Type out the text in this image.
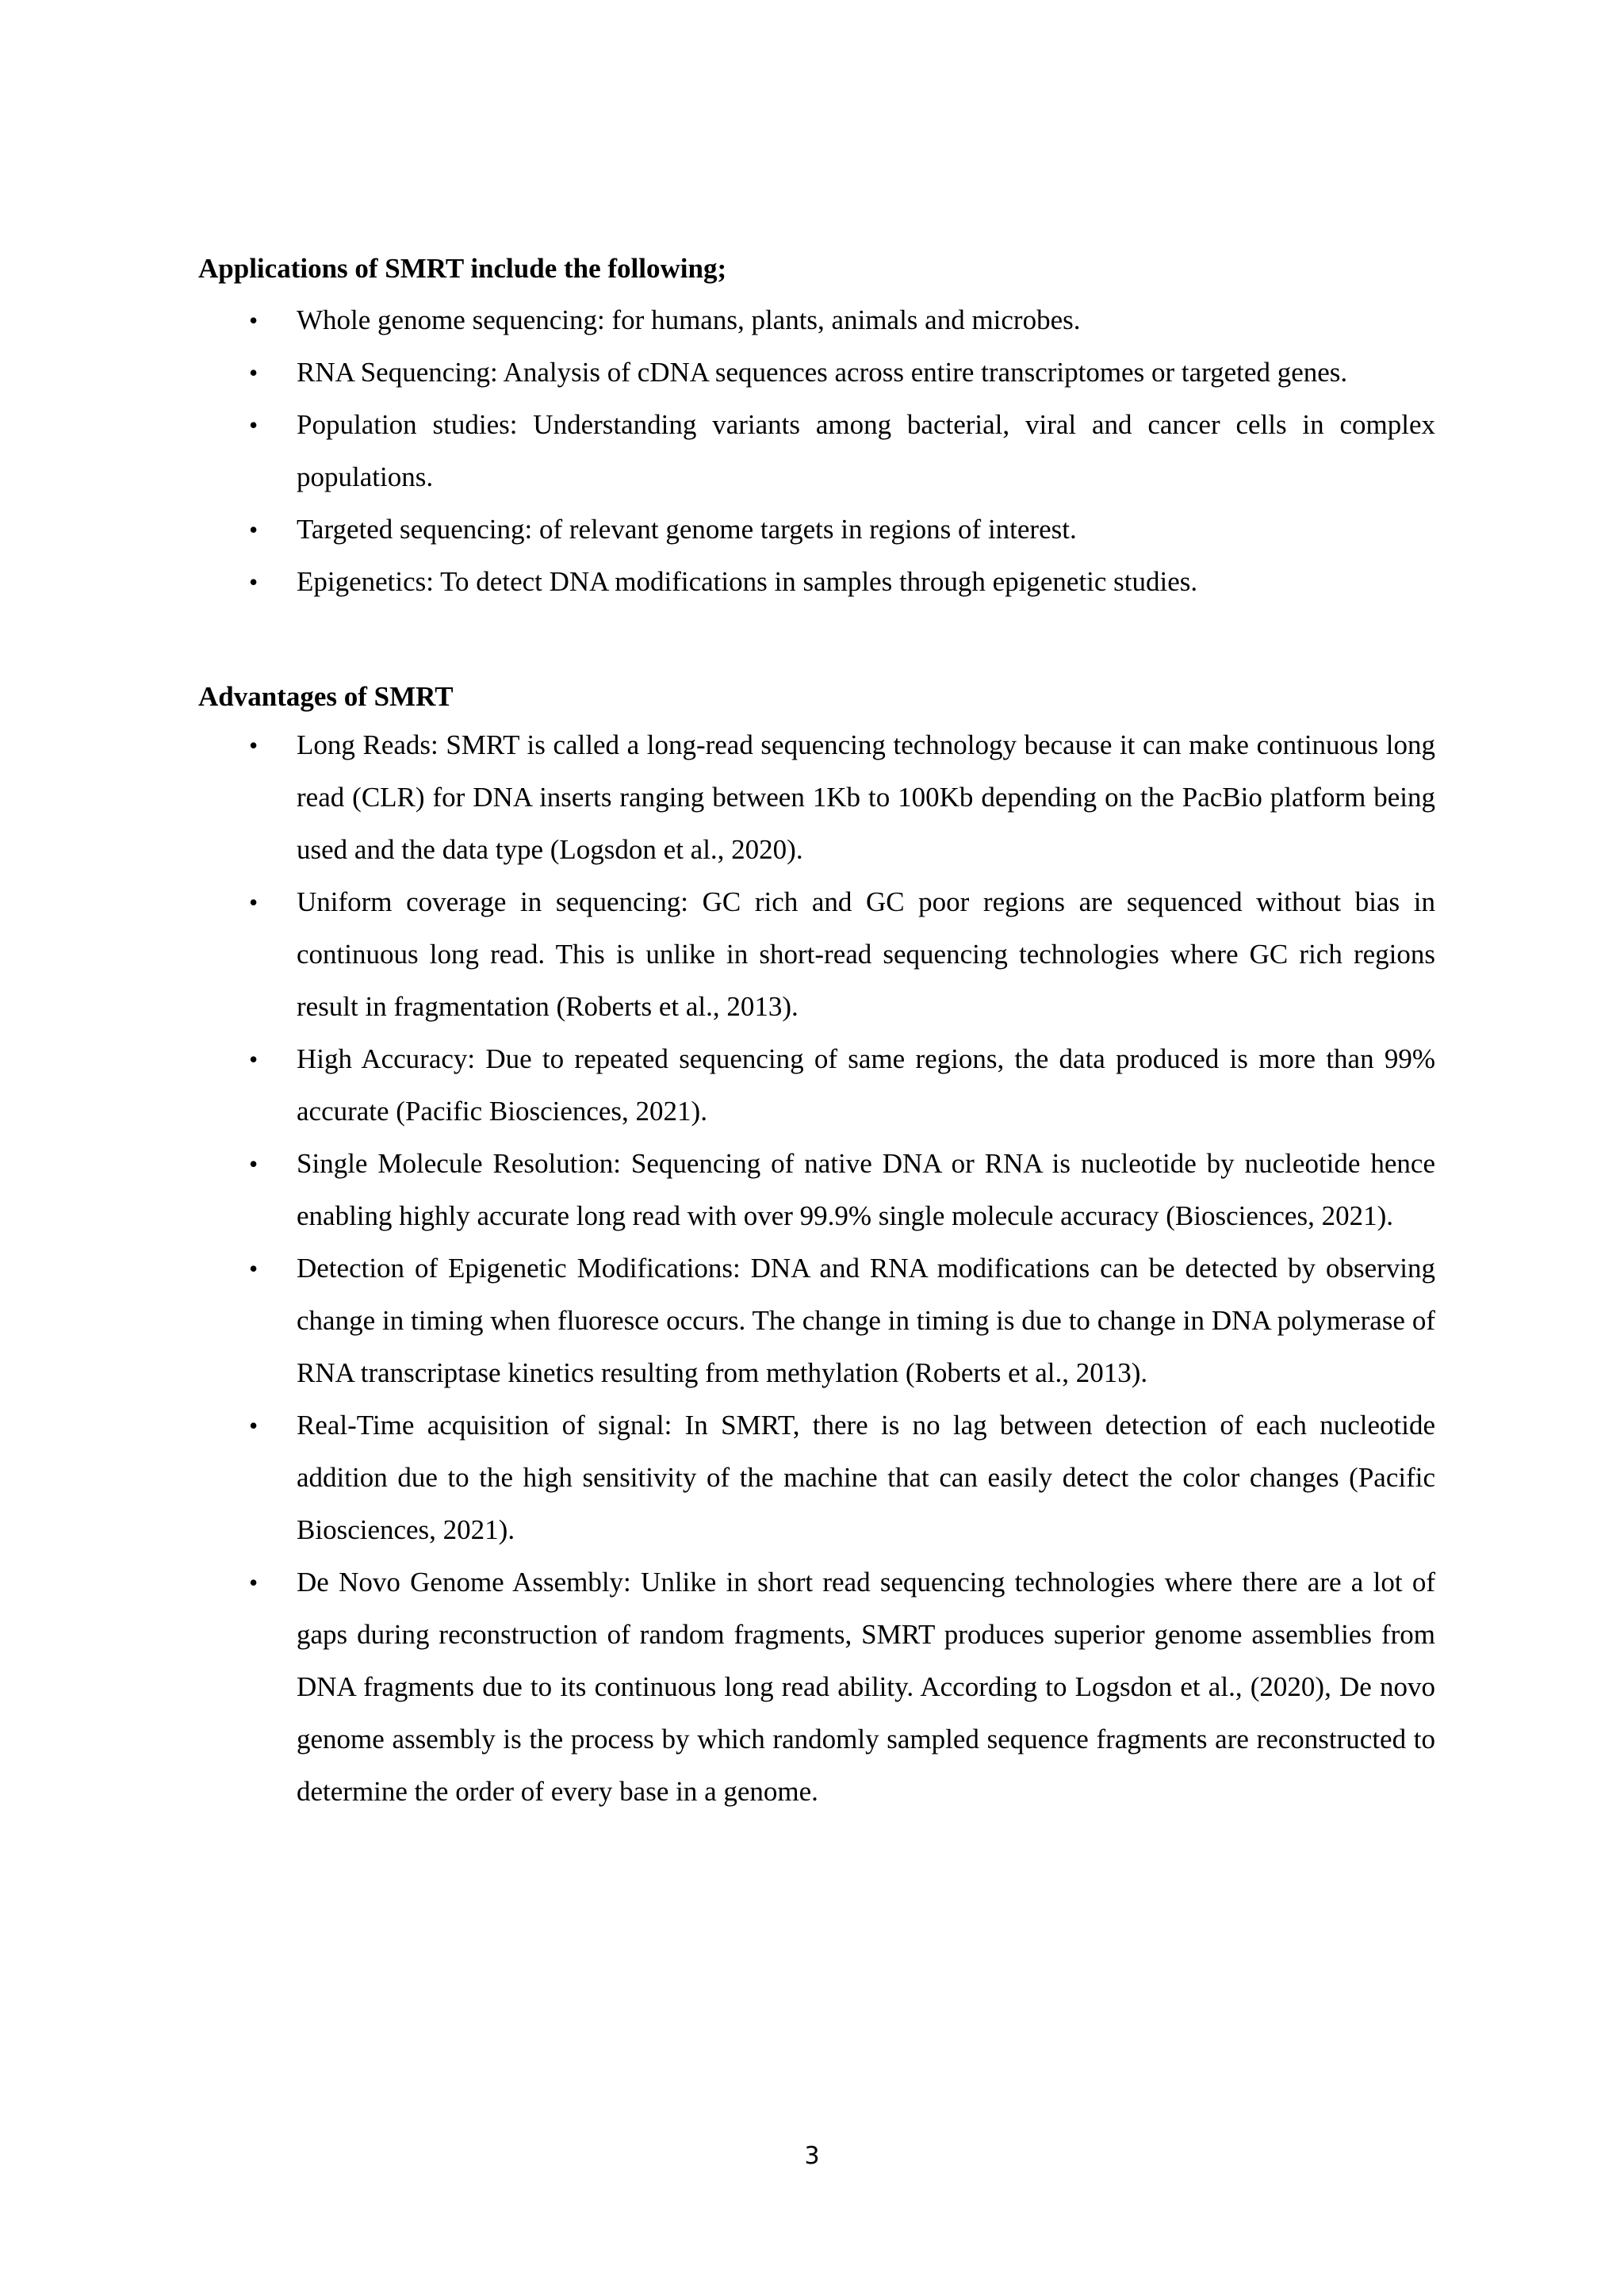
Applications of SMRT include the following;

•	Whole genome sequencing: for humans, plants, animals and microbes.
•	RNA Sequencing: Analysis of cDNA sequences across entire transcriptomes or targeted genes.
•	Population studies: Understanding variants among bacterial, viral and cancer cells in complex populations.
•	Targeted sequencing: of relevant genome targets in regions of interest.
•	Epigenetics: To detect DNA modifications in samples through epigenetic studies.

Advantages of SMRT

•	Long Reads: SMRT is called a long-read sequencing technology because it can make continuous long read (CLR) for DNA inserts ranging between 1Kb to 100Kb depending on the PacBio platform being used and the data type (Logsdon et al., 2020).
•	Uniform coverage in sequencing: GC rich and GC poor regions are sequenced without bias in continuous long read. This is unlike in short-read sequencing technologies where GC rich regions result in fragmentation (Roberts et al., 2013).
•	High Accuracy: Due to repeated sequencing of same regions, the data produced is more than 99% accurate (Pacific Biosciences, 2021).
•	Single Molecule Resolution: Sequencing of native DNA or RNA is nucleotide by nucleotide hence enabling highly accurate long read with over 99.9% single molecule accuracy (Biosciences, 2021).
•	Detection of Epigenetic Modifications: DNA and RNA modifications can be detected by observing change in timing when fluoresce occurs. The change in timing is due to change in DNA polymerase of RNA transcriptase kinetics resulting from methylation (Roberts et al., 2013).
•	Real-Time acquisition of signal: In SMRT, there is no lag between detection of each nucleotide addition due to the high sensitivity of the machine that can easily detect the color changes (Pacific Biosciences, 2021).
•	De Novo Genome Assembly: Unlike in short read sequencing technologies where there are a lot of gaps during reconstruction of random fragments, SMRT produces superior genome assemblies from DNA fragments due to its continuous long read ability. According to Logsdon et al., (2020), De novo genome assembly is the process by which randomly sampled sequence fragments are reconstructed to determine the order of every base in a genome.
3
